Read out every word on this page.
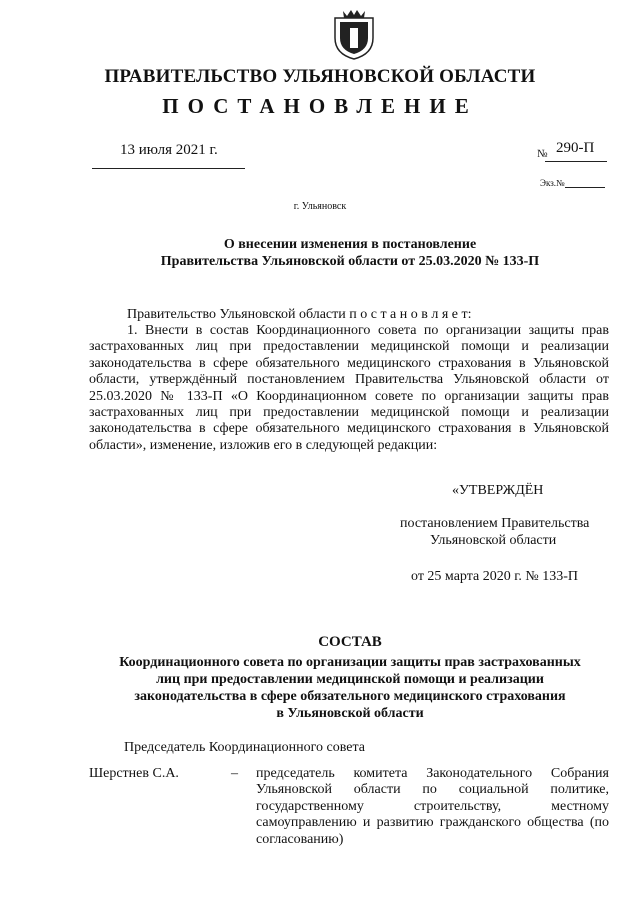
ПРАВИТЕЛЬСТВО УЛЬЯНОВСКОЙ ОБЛАСТИ
ПОСТАНОВЛЕНИЕ
13 июля 2021 г.	№ 290-П
Экз.№
г. Ульяновск
О внесении изменения в постановление
Правительства Ульяновской области от 25.03.2020 № 133-П
Правительство Ульяновской области п о с т а н о в л я е т:

1. Внести в состав Координационного совета по организации защиты прав застрахованных лиц при предоставлении медицинской помощи и реализации законодательства в сфере обязательного медицинского страхования в Ульяновской области, утверждённый постановлением Правительства Ульяновской области от 25.03.2020 № 133-П «О Координационном совете по организации защиты прав застрахованных лиц при предоставлении медицинской помощи и реализации законодательства в сфере обязательного медицинского страхования в Ульяновской области», изменение, изложив его в следующей редакции:

«УТВЕРЖДЁН
постановлением Правительства
Ульяновской области
от 25 марта 2020 г. № 133-П
СОСТАВ
Координационного совета по организации защиты прав застрахованных
лиц при предоставлении медицинской помощи и реализации
законодательства в сфере обязательного медицинского страхования
в Ульяновской области
Председатель Координационного совета
Шерстнев С.А.	– председатель комитета Законодательного Собрания Ульяновской области по социальной политике, государственному строительству, местному самоуправлению и развитию гражданского общества (по согласованию)
